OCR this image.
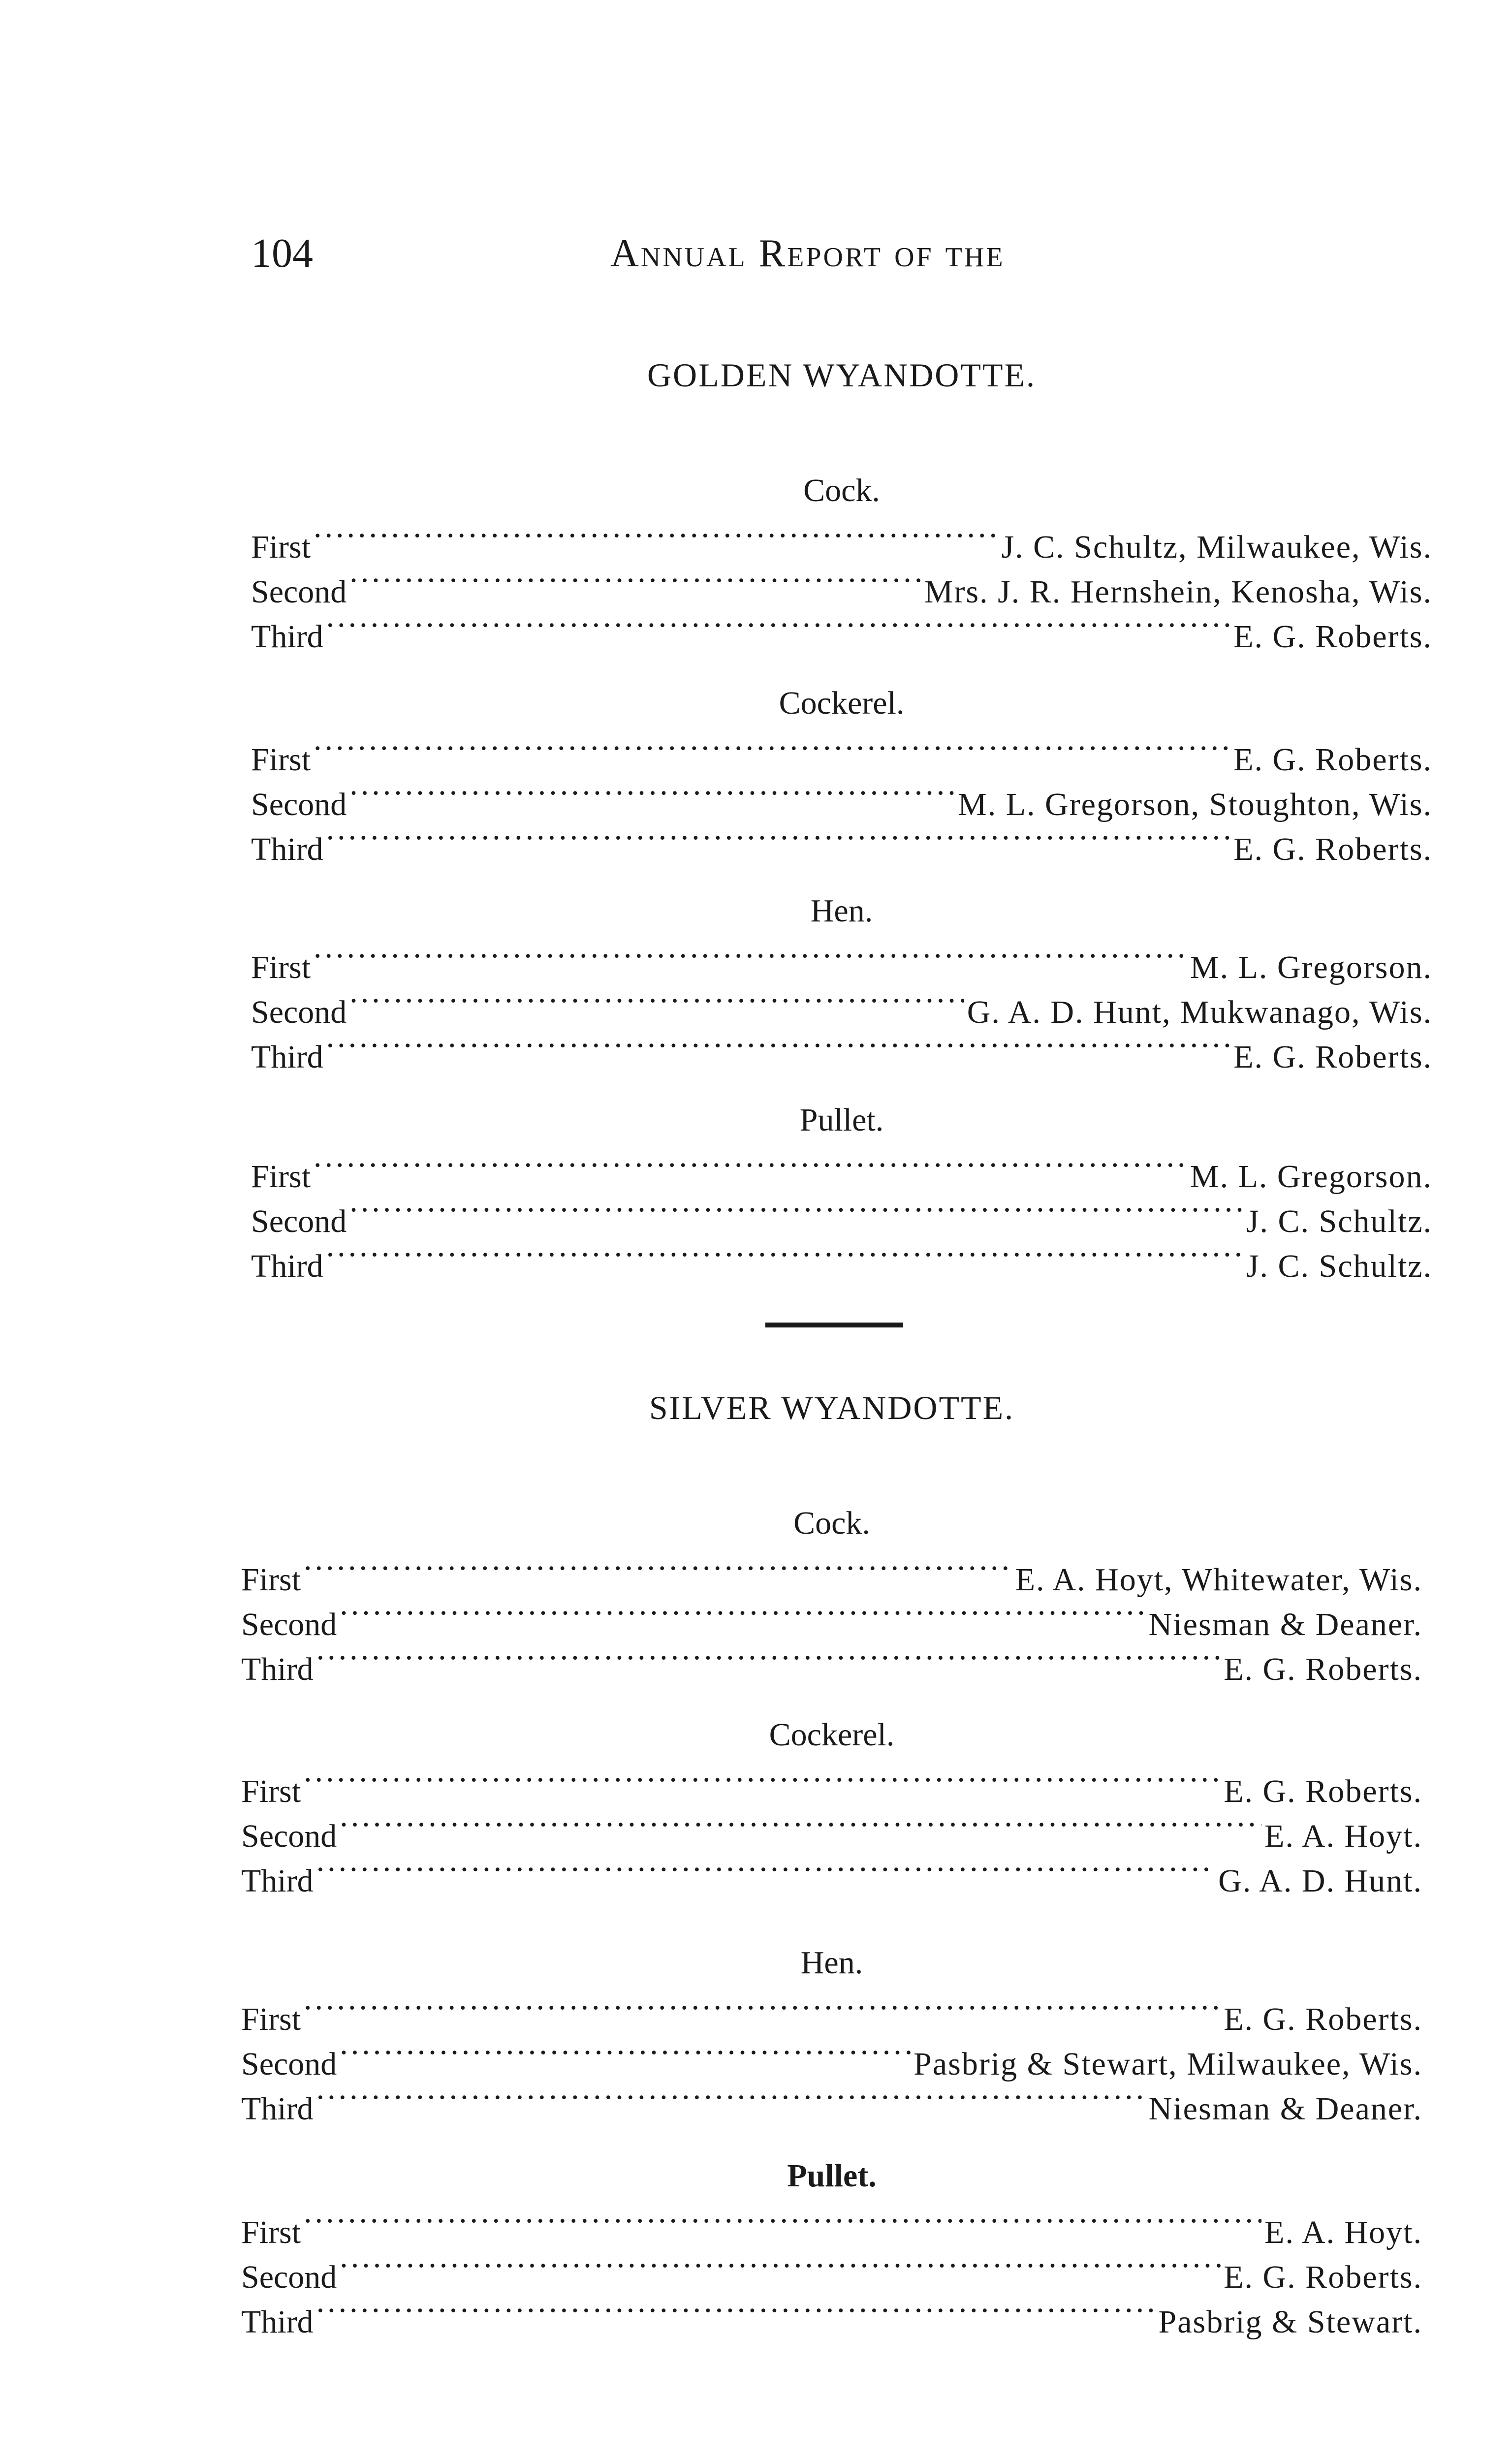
104	Annual Report of the
GOLDEN WYANDOTTE.
Cock.
First .....	J. C. Schultz, Milwaukee, Wis.
Second .....	Mrs. J. R. Hernshein, Kenosha, Wis.
Third .....	E. G. Roberts.
Cockerel.
First .....	E. G. Roberts.
Second .....	M. L. Gregorson, Stoughton, Wis.
Third .....	E. G. Roberts.
Hen.
First .....	M. L. Gregorson.
Second .....	G. A. D. Hunt, Mukwanago, Wis.
Third .....	E. G. Roberts.
Pullet.
First .....	M. L. Gregorson.
Second .....	J. C. Schultz.
Third .....	J. C. Schultz.
SILVER WYANDOTTE.
Cock.
First .....	E. A. Hoyt, Whitewater, Wis.
Second .....	Niesman & Deaner.
Third .....	E. G. Roberts.
Cockerel.
First .....	E. G. Roberts.
Second .....	E. A. Hoyt.
Third .....	G. A. D. Hunt.
Hen.
First .....	E. G. Roberts.
Second .....	Pasbrig & Stewart, Milwaukee, Wis.
Third .....	Niesman & Deaner.
Pullet.
First .....	E. A. Hoyt.
Second .....	E. G. Roberts.
Third .....	Pasbrig & Stewart.
